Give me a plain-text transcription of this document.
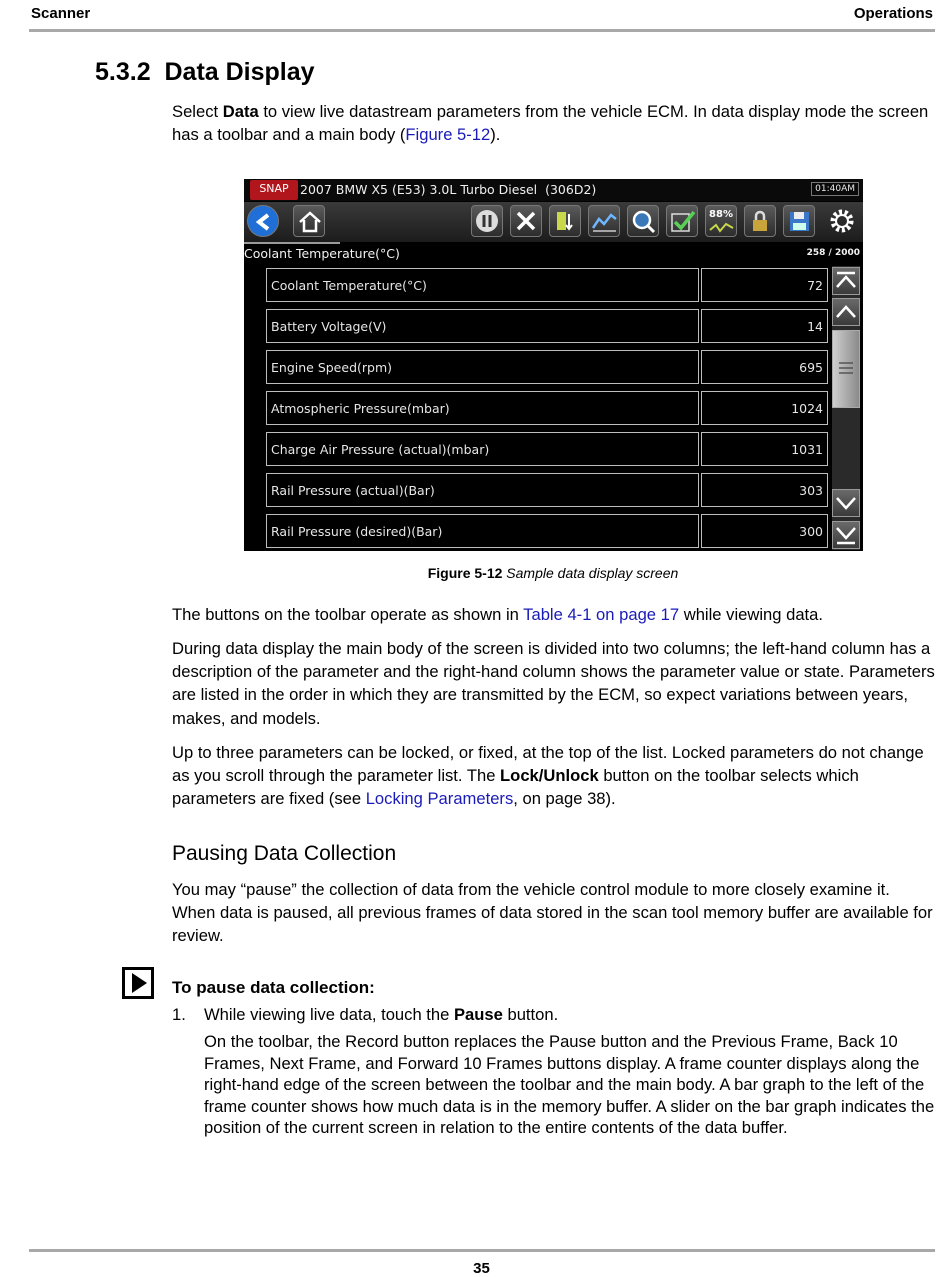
Scanner	Operations
5.3.2  Data Display
Select Data to view live datastream parameters from the vehicle ECM. In data display mode the screen has a toolbar and a main body (Figure 5-12).
SNAP 2007 BMW X5 (E53) 3.0L Turbo Diesel  (306D2)	01:40AM
88%
Coolant Temperature(°C)	258 / 2000
Coolant Temperature(°C)	72
Battery Voltage(V)	14
Engine Speed(rpm)	695
Atmospheric Pressure(mbar)	1024
Charge Air Pressure (actual)(mbar)	1031
Rail Pressure (actual)(Bar)	303
Rail Pressure (desired)(Bar)	300
Figure 5-12 Sample data display screen
The buttons on the toolbar operate as shown in Table 4-1 on page 17 while viewing data.
During data display the main body of the screen is divided into two columns; the left-hand column has a description of the parameter and the right-hand column shows the parameter value or state. Parameters are listed in the order in which they are transmitted by the ECM, so expect variations between years, makes, and models.
Up to three parameters can be locked, or fixed, at the top of the list. Locked parameters do not change as you scroll through the parameter list. The Lock/Unlock button on the toolbar selects which parameters are fixed (see Locking Parameters, on page 38).
Pausing Data Collection
You may “pause” the collection of data from the vehicle control module to more closely examine it. When data is paused, all previous frames of data stored in the scan tool memory buffer are available for review.
To pause data collection:
1. While viewing live data, touch the Pause button.
On the toolbar, the Record button replaces the Pause button and the Previous Frame, Back 10 Frames, Next Frame, and Forward 10 Frames buttons display. A frame counter displays along the right-hand edge of the screen between the toolbar and the main body. A bar graph to the left of the frame counter shows how much data is in the memory buffer. A slider on the bar graph indicates the position of the current screen in relation to the entire contents of the data buffer.
35
